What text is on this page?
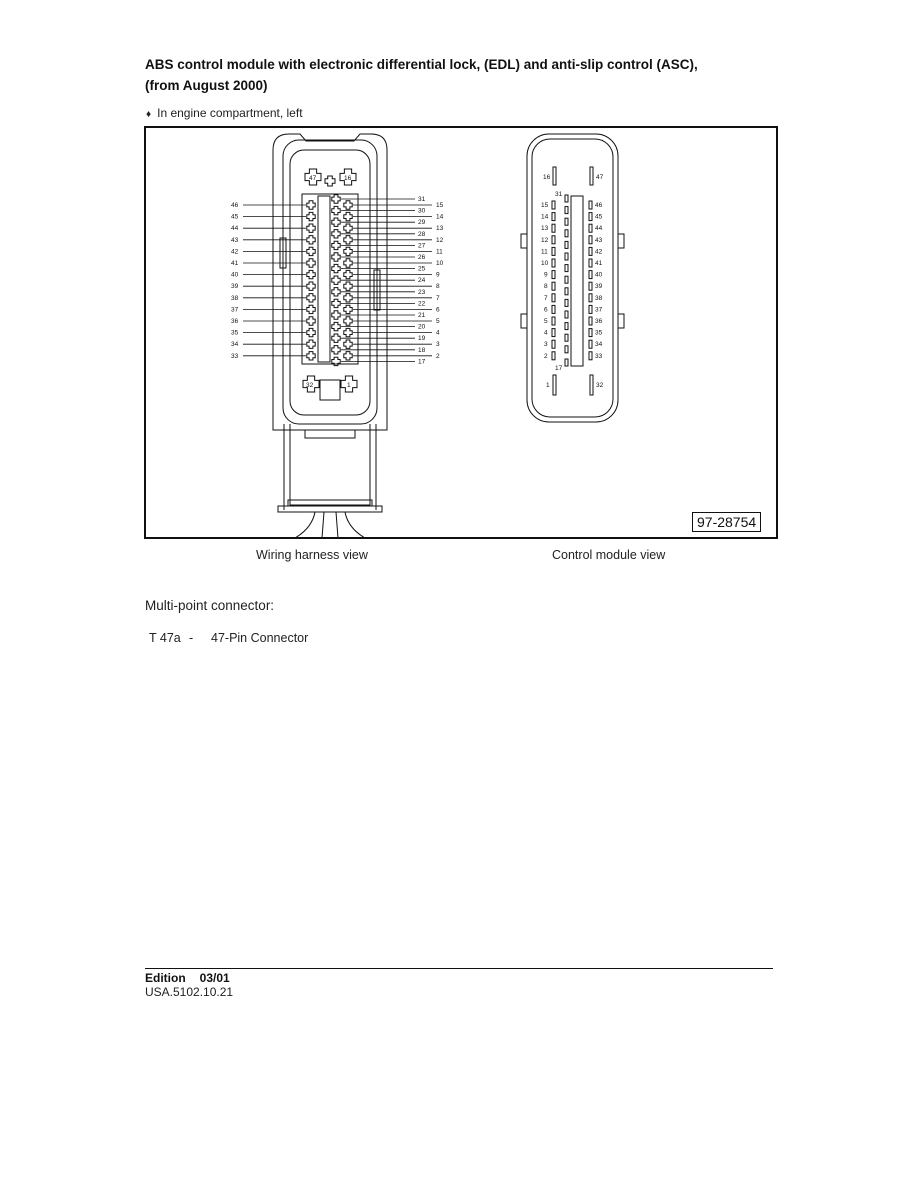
ABS control module with electronic differential lock, (EDL) and anti-slip control (ASC),
(from August 2000)
♦ In engine compartment, left
47	16
32	1
46
45
44
43
42
41
40
39
38
37
36
35
34
33
31
30
29
28
27
26
25
24
23
22
21
20
19
18
17
15
14
13
12
11
10
9
8
7
6
5
4
3
2
16	47
1	32
31
17
15	46
14	45
13	44
12	43
11	42
10	41
9	40
8	39
7	38
6	37
5	36
4	35
3	34
2	33
97-28754
Wiring harness view	Control module view
Multi-point connector:
T 47a - 47-Pin Connector
Edition 03/01
USA.5102.10.21
